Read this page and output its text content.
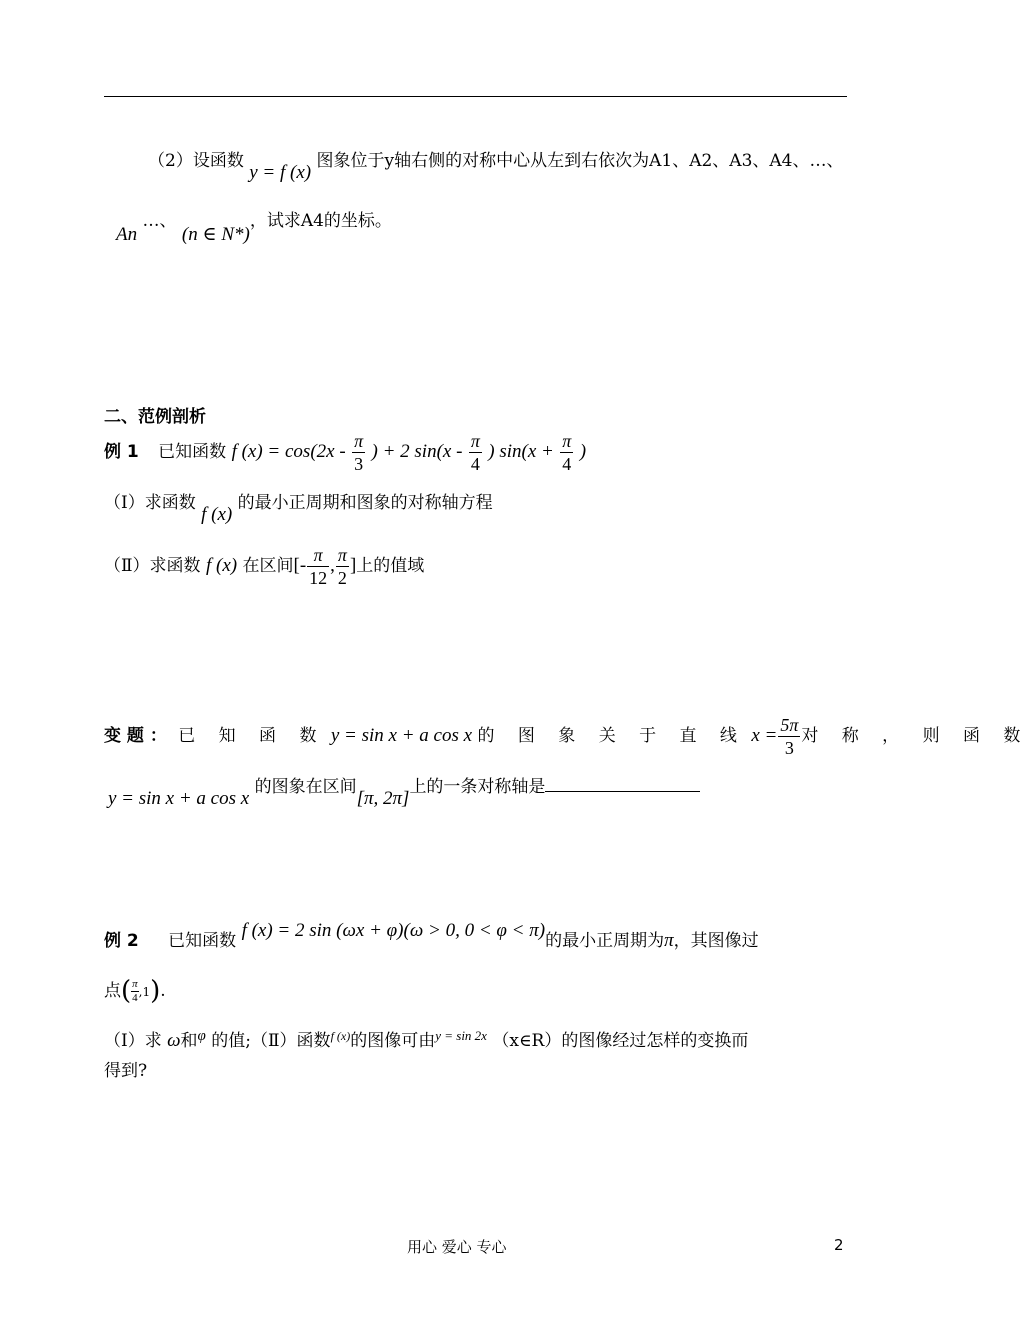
（2）设函数 y = f (x) 图象位于y轴右侧的对称中心从左到右依次为A1、A2、A3、A4、…、
An …、 (n ∈ N*)，试求A4的坐标。
二、范例剖析
例 1 已知函数 f $(x) = \cos(2x - \frac{\pi}{3}$ ) + 2 $\sin(x - \frac{\pi}{4}$ ) $\sin(x + \frac{\pi}{4}$ )
（Ⅰ）求函数 f (x) 的最小正周期和图象的对称轴方程
（Ⅱ）求函数 f (x) 在区间[- $\frac{\pi}{12}$ , $\frac{\pi}{2}$ ]上的值域
变 题 ： 已 知 函 数 y = sin x + a cos x 的 图 象 关 于 直 线 $x = \frac{5\pi}{3}$ 对 称 ， 则 函 数
y = sin x + a cos x 的图象在区间[π, 2π]上的一条对称轴是
例 2 已知函数 f (x) = 2 sin (ωx + φ)(ω > 0, 0 < φ < π)的最小正周期为π，其图像过
点( $\frac{\pi}{4} ,1$).
（Ⅰ）求 ω和φ 的值;（Ⅱ）函数$^{f (x)}$的图像可由$^{y = sin 2x}$ （x∈R）的图像经过怎样的变换而
得到?
用心 爱心 专心	2
